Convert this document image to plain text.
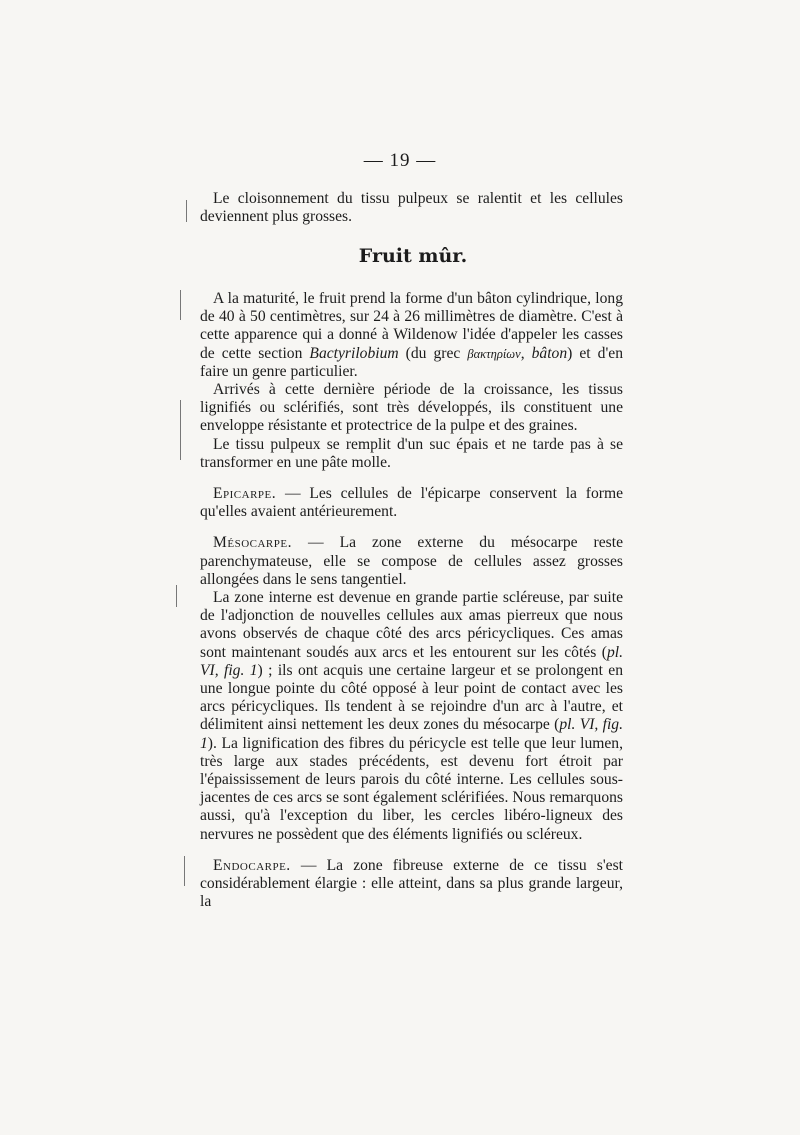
— 19 —

Le cloisonnement du tissu pulpeux se ralentit et les cellules deviennent plus grosses.

Fruit mûr.

A la maturité, le fruit prend la forme d'un bâton cylindrique, long de 40 à 50 centimètres, sur 24 à 26 millimètres de diamètre. C'est à cette apparence qui a donné à Wildenow l'idée d'appeler les casses de cette section Bactyrilobium (du grec βακτηρίων, bâton) et d'en faire un genre particulier.

Arrivés à cette dernière période de la croissance, les tissus lignifiés ou sclérifiés, sont très développés, ils constituent une enveloppe résistante et protectrice de la pulpe et des graines.

Le tissu pulpeux se remplit d'un suc épais et ne tarde pas à se transformer en une pâte molle.

Epicarpe. — Les cellules de l'épicarpe conservent la forme qu'elles avaient antérieurement.

Mésocarpe. — La zone externe du mésocarpe reste parenchymateuse, elle se compose de cellules assez grosses allongées dans le sens tangentiel.

La zone interne est devenue en grande partie scléreuse, par suite de l'adjonction de nouvelles cellules aux amas pierreux que nous avons observés de chaque côté des arcs péricycliques. Ces amas sont maintenant soudés aux arcs et les entourent sur les côtés (pl. VI, fig. 1) ; ils ont acquis une certaine largeur et se prolongent en une longue pointe du côté opposé à leur point de contact avec les arcs péricycliques. Ils tendent à se rejoindre d'un arc à l'autre, et délimitent ainsi nettement les deux zones du mésocarpe (pl. VI, fig. 1). La lignification des fibres du péricycle est telle que leur lumen, très large aux stades précédents, est devenu fort étroit par l'épaississement de leurs parois du côté interne. Les cellules sous-jacentes de ces arcs se sont également sclérifiées. Nous remarquons aussi, qu'à l'exception du liber, les cercles libéro-ligneux des nervures ne possèdent que des éléments lignifiés ou scléreux.

Endocarpe. — La zone fibreuse externe de ce tissu s'est considérablement élargie : elle atteint, dans sa plus grande largeur, la
